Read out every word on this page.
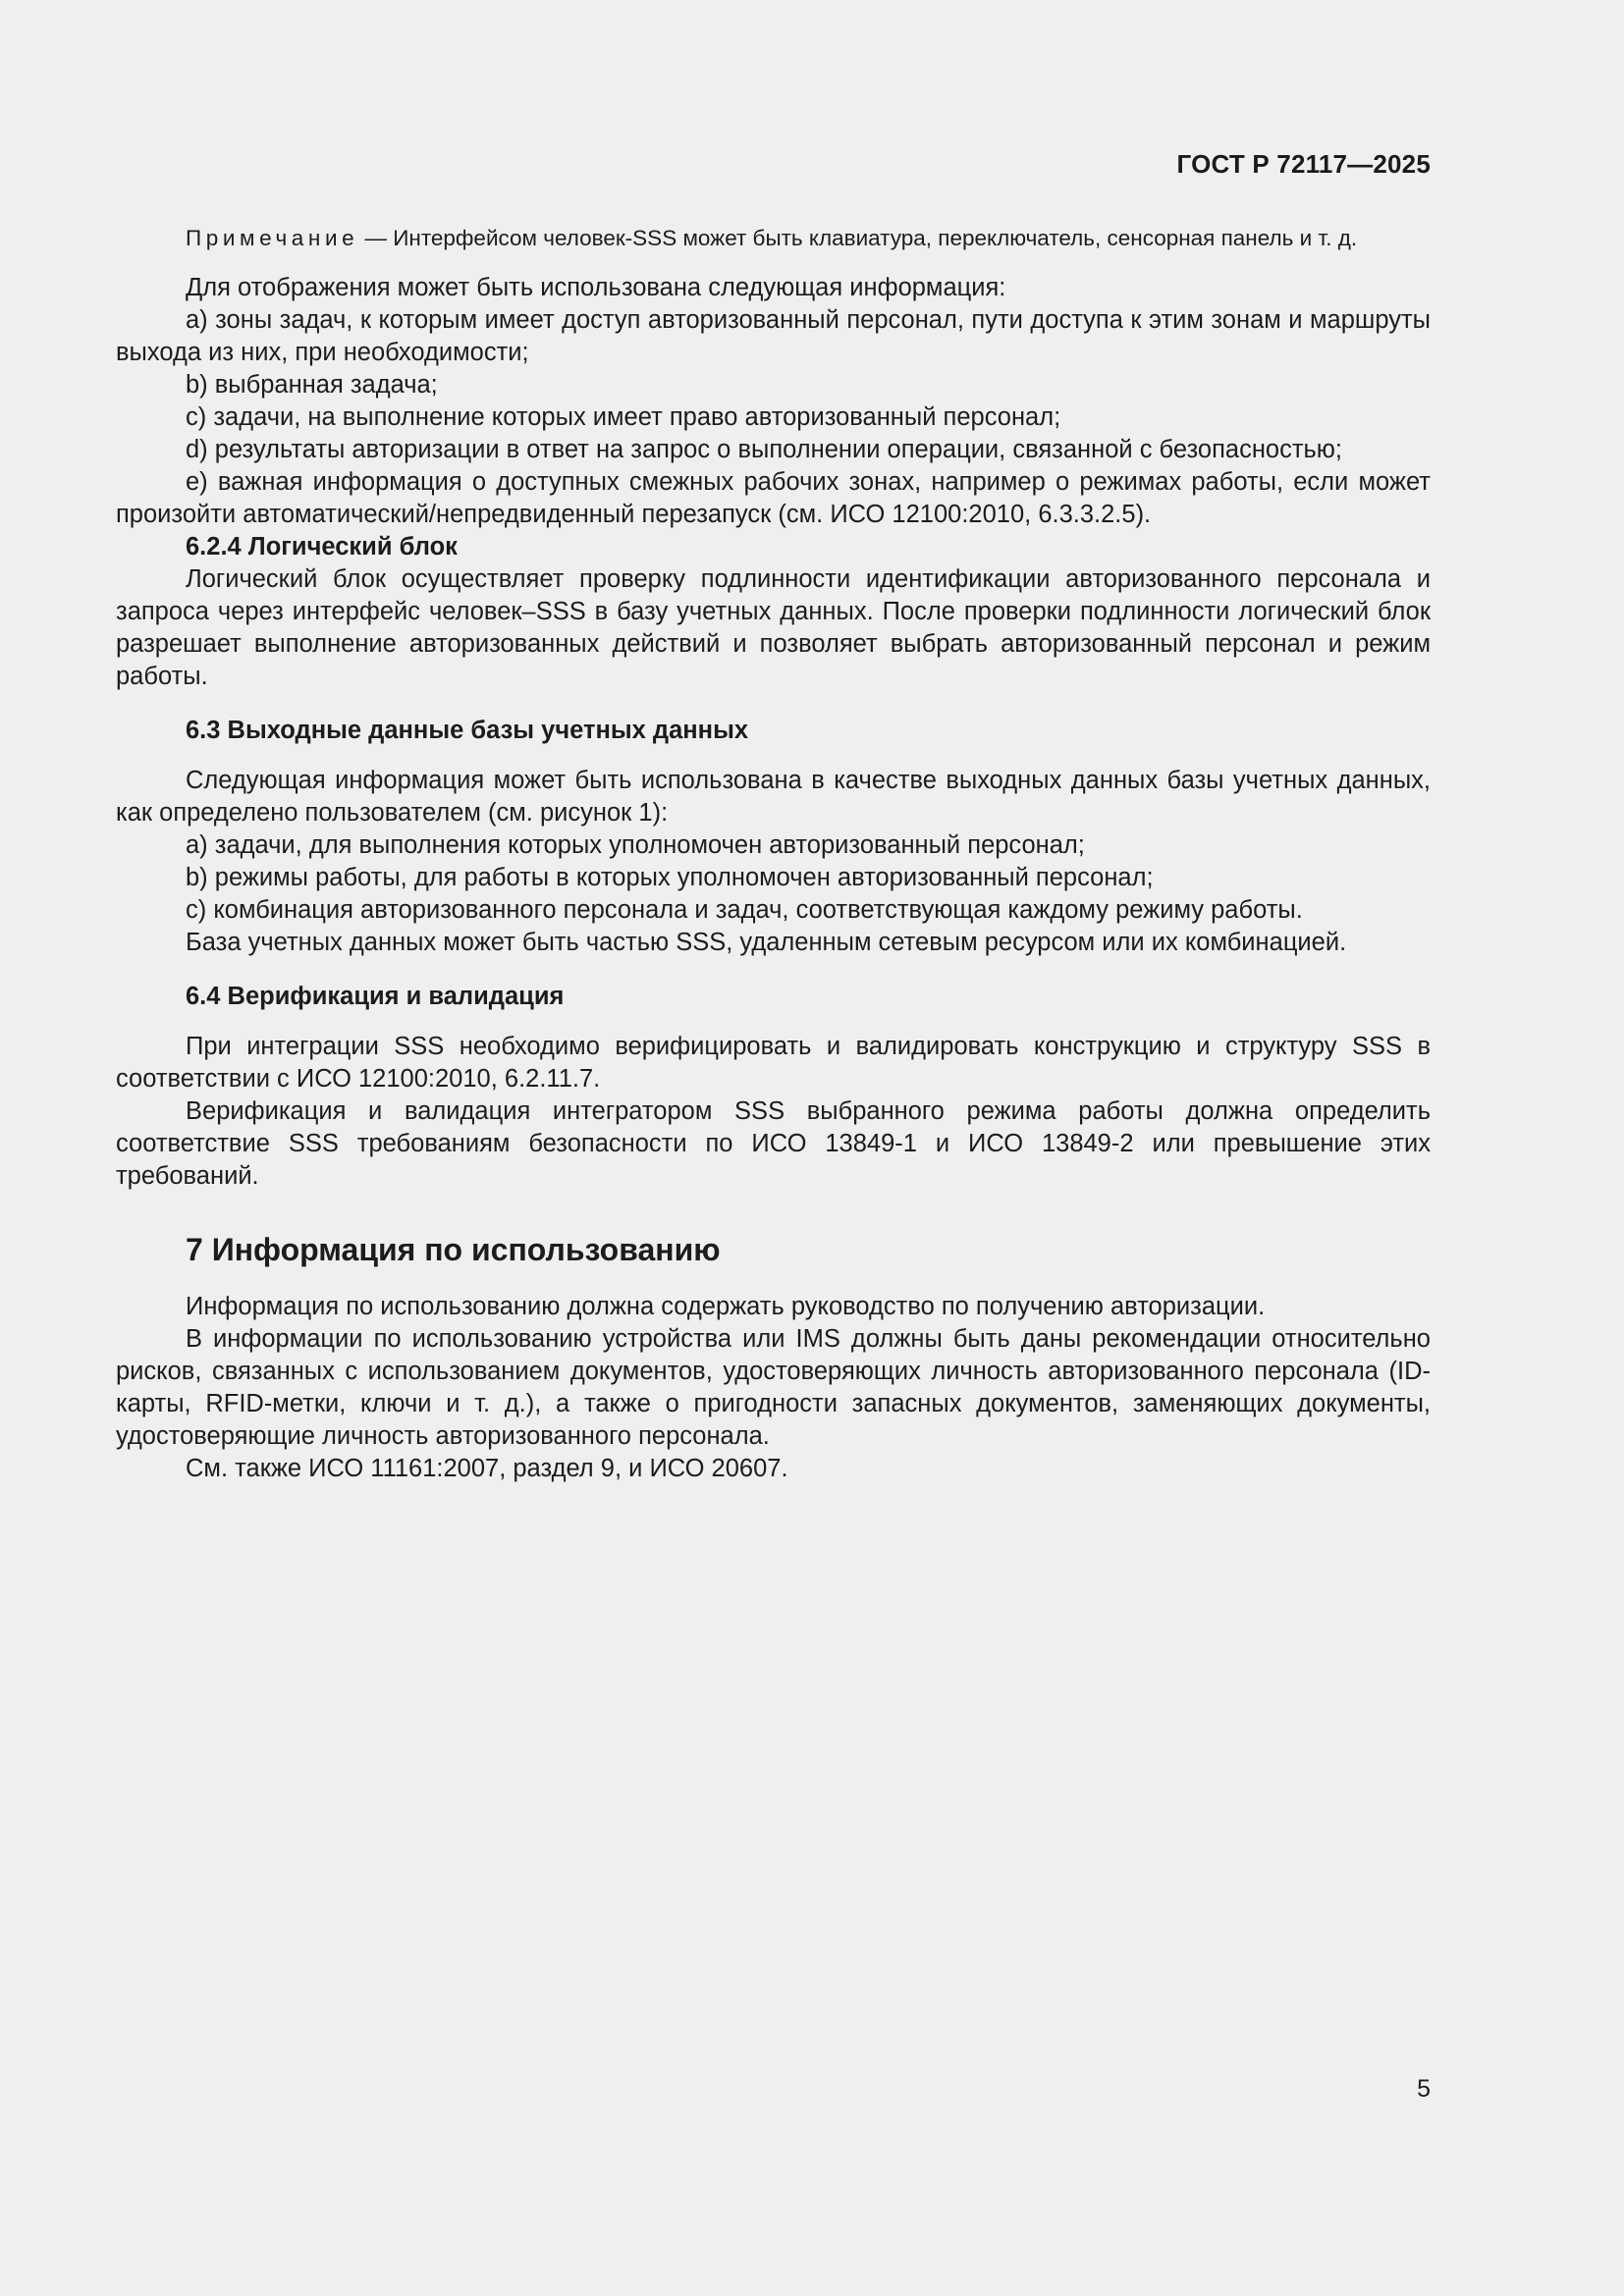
ГОСТ Р 72117—2025

Примечание — Интерфейсом человек-SSS может быть клавиатура, переключатель, сенсорная панель и т. д.

Для отображения может быть использована следующая информация:

a) зоны задач, к которым имеет доступ авторизованный персонал, пути доступа к этим зонам и маршруты выхода из них, при необходимости;

b) выбранная задача;

c) задачи, на выполнение которых имеет право авторизованный персонал;

d) результаты авторизации в ответ на запрос о выполнении операции, связанной с безопасностью;

e) важная информация о доступных смежных рабочих зонах, например о режимах работы, если может произойти автоматический/непредвиденный перезапуск (см. ИСО 12100:2010, 6.3.3.2.5).

6.2.4 Логический блок

Логический блок осуществляет проверку подлинности идентификации авторизованного персонала и запроса через интерфейс человек–SSS в базу учетных данных. После проверки подлинности логический блок разрешает выполнение авторизованных действий и позволяет выбрать авторизованный персонал и режим работы.

6.3 Выходные данные базы учетных данных

Следующая информация может быть использована в качестве выходных данных базы учетных данных, как определено пользователем (см. рисунок 1):

a) задачи, для выполнения которых уполномочен авторизованный персонал;

b) режимы работы, для работы в которых уполномочен авторизованный персонал;

c) комбинация авторизованного персонала и задач, соответствующая каждому режиму работы.

База учетных данных может быть частью SSS, удаленным сетевым ресурсом или их комбинацией.

6.4 Верификация и валидация

При интеграции SSS необходимо верифицировать и валидировать конструкцию и структуру SSS в соответствии с ИСО 12100:2010, 6.2.11.7.

Верификация и валидация интегратором SSS выбранного режима работы должна определить соответствие SSS требованиям безопасности по ИСО 13849-1 и ИСО 13849-2 или превышение этих требований.

7 Информация по использованию

Информация по использованию должна содержать руководство по получению авторизации.

В информации по использованию устройства или IMS должны быть даны рекомендации относительно рисков, связанных с использованием документов, удостоверяющих личность авторизованного персонала (ID-карты, RFID-метки, ключи и т. д.), а также о пригодности запасных документов, заменяющих документы, удостоверяющие личность авторизованного персонала.

См. также ИСО 11161:2007, раздел 9, и ИСО 20607.

5
